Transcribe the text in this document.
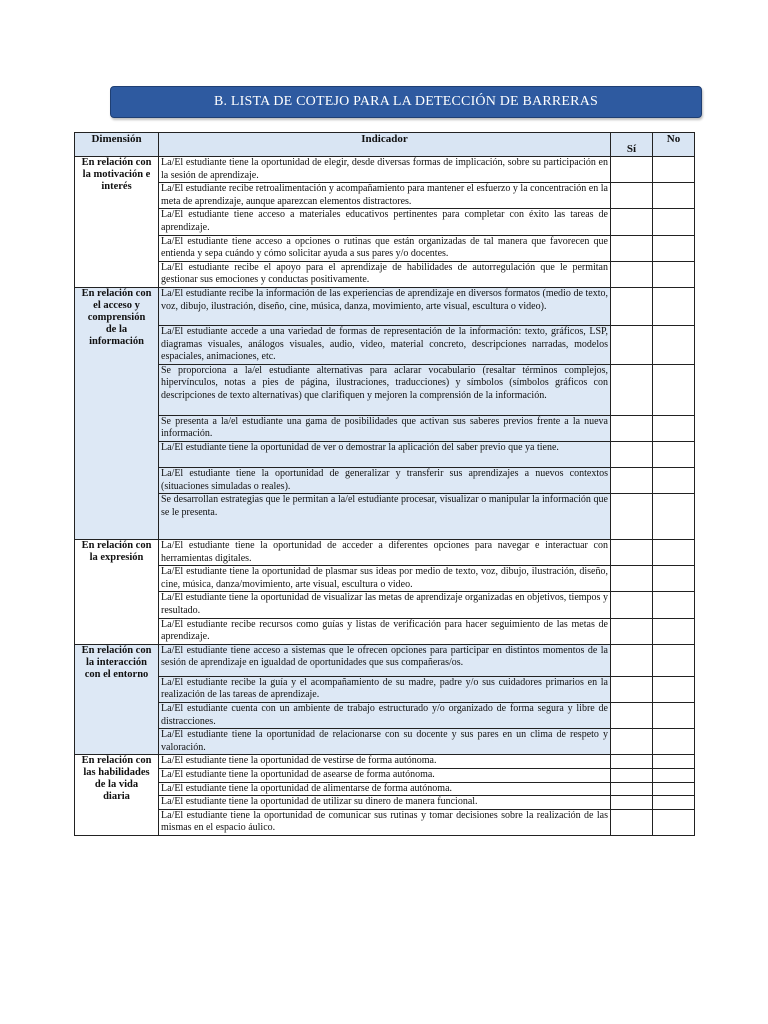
B. LISTA DE COTEJO PARA LA DETECCIÓN DE BARRERAS
Dimensión	Indicador	Sí	No
En relación con la motivación e interés	La/El estudiante tiene la oportunidad de elegir, desde diversas formas de implicación, sobre su participación en la sesión de aprendizaje.		
	La/El estudiante recibe retroalimentación y acompañamiento para mantener el esfuerzo y la concentración en la meta de aprendizaje, aunque aparezcan elementos distractores.		
	La/El estudiante tiene acceso a materiales educativos pertinentes para completar con éxito las tareas de aprendizaje.		
	La/El estudiante tiene acceso a opciones o rutinas que están organizadas de tal manera que favorecen que entienda y sepa cuándo y cómo solicitar ayuda a sus pares y/o docentes.		
	La/El estudiante recibe el apoyo para el aprendizaje de habilidades de autorregulación que le permitan gestionar sus emociones y conductas positivamente.		
En relación con el acceso y comprensión de la información	La/El estudiante recibe la información de las experiencias de aprendizaje en diversos formatos (medio de texto, voz, dibujo, ilustración, diseño, cine, música, danza, movimiento, arte visual, escultura o video).		
	La/El estudiante accede a una variedad de formas de representación de la información: texto, gráficos, LSP, diagramas visuales, análogos visuales, audio, video, material concreto, descripciones narradas, modelos espaciales, animaciones, etc.		
	Se proporciona a la/el estudiante alternativas para aclarar vocabulario (resaltar términos complejos, hipervínculos, notas a pies de página, ilustraciones, traducciones) y símbolos (símbolos gráficos con descripciones de texto alternativas) que clarifiquen y mejoren la comprensión de la información.		
	Se presenta a la/el estudiante una gama de posibilidades que activan sus saberes previos frente a la nueva información.		
	La/El estudiante tiene la oportunidad de ver o demostrar la aplicación del saber previo que ya tiene.		
	La/El estudiante tiene la oportunidad de generalizar y transferir sus aprendizajes a nuevos contextos (situaciones simuladas o reales).		
	Se desarrollan estrategias que le permitan a la/el estudiante procesar, visualizar o manipular la información que se le presenta.		
En relación con la expresión	La/El estudiante tiene la oportunidad de acceder a diferentes opciones para navegar e interactuar con herramientas digitales.		
	La/El estudiante tiene la oportunidad de plasmar sus ideas por medio de texto, voz, dibujo, ilustración, diseño, cine, música, danza/movimiento, arte visual, escultura o video.		
	La/El estudiante tiene la oportunidad de visualizar las metas de aprendizaje organizadas en objetivos, tiempos y resultado.		
	La/El estudiante recibe recursos como guías y listas de verificación para hacer seguimiento de las metas de aprendizaje.		
En relación con la interacción con el entorno	La/El estudiante tiene acceso a sistemas que le ofrecen opciones para participar en distintos momentos de la sesión de aprendizaje en igualdad de oportunidades que sus compañeras/os.		
	La/El estudiante recibe la guía y el acompañamiento de su madre, padre y/o sus cuidadores primarios en la realización de las tareas de aprendizaje.		
	La/El estudiante cuenta con un ambiente de trabajo estructurado y/o organizado de forma segura y libre de distracciones.		
	La/El estudiante tiene la oportunidad de relacionarse con su docente y sus pares en un clima de respeto y valoración.		
En relación con las habilidades de la vida diaria	La/El estudiante tiene la oportunidad de vestirse de forma autónoma.		
	La/El estudiante tiene la oportunidad de asearse de forma autónoma.		
	La/El estudiante tiene la oportunidad de alimentarse de forma autónoma.		
	La/El estudiante tiene la oportunidad de utilizar su dinero de manera funcional.		
	La/El estudiante tiene la oportunidad de comunicar sus rutinas y tomar decisiones sobre la realización de las mismas en el espacio áulico.		
